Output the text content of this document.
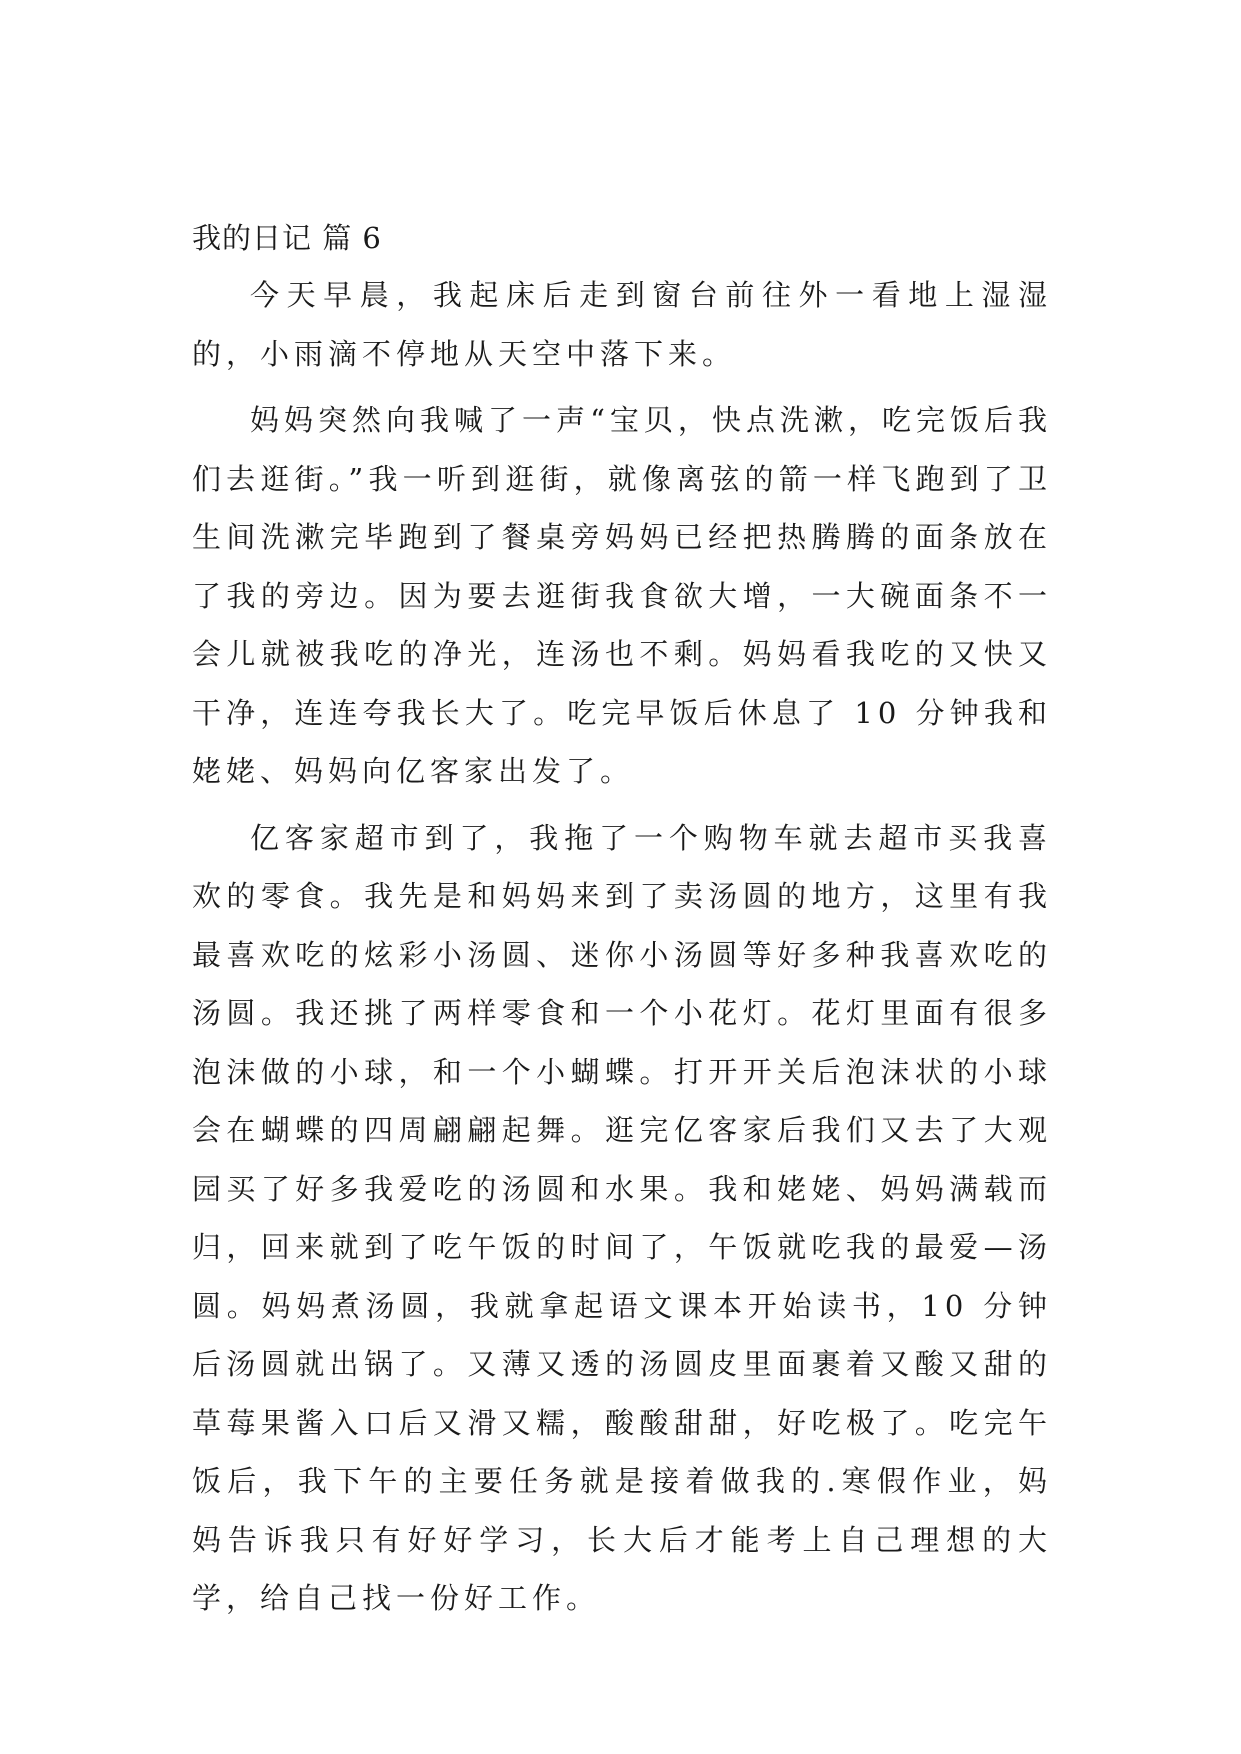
我的日记 篇 6

今天早晨，我起床后走到窗台前往外一看地上湿湿的，小雨滴不停地从天空中落下来。

妈妈突然向我喊了一声“宝贝，快点洗漱，吃完饭后我们去逛街。”我一听到逛街，就像离弦的箭一样飞跑到了卫生间洗漱完毕跑到了餐桌旁妈妈已经把热腾腾的面条放在了我的旁边。因为要去逛街我食欲大增，一大碗面条不一会儿就被我吃的净光，连汤也不剩。妈妈看我吃的又快又干净，连连夸我长大了。吃完早饭后休息了 10 分钟我和姥姥、妈妈向亿客家出发了。

亿客家超市到了，我拖了一个购物车就去超市买我喜欢的零食。我先是和妈妈来到了卖汤圆的地方，这里有我最喜欢吃的炫彩小汤圆、迷你小汤圆等好多种我喜欢吃的汤圆。我还挑了两样零食和一个小花灯。花灯里面有很多泡沫做的小球，和一个小蝴蝶。打开开关后泡沫状的小球会在蝴蝶的四周翩翩起舞。逛完亿客家后我们又去了大观园买了好多我爱吃的汤圆和水果。我和姥姥、妈妈满载而归，回来就到了吃午饭的时间了，午饭就吃我的最爱—汤圆。妈妈煮汤圆，我就拿起语文课本开始读书，10 分钟后汤圆就出锅了。又薄又透的汤圆皮里面裹着又酸又甜的草莓果酱入口后又滑又糯，酸酸甜甜，好吃极了。吃完午饭后，我下午的主要任务就是接着做我的.寒假作业，妈妈告诉我只有好好学习，长大后才能考上自己理想的大学，给自己找一份好工作。
